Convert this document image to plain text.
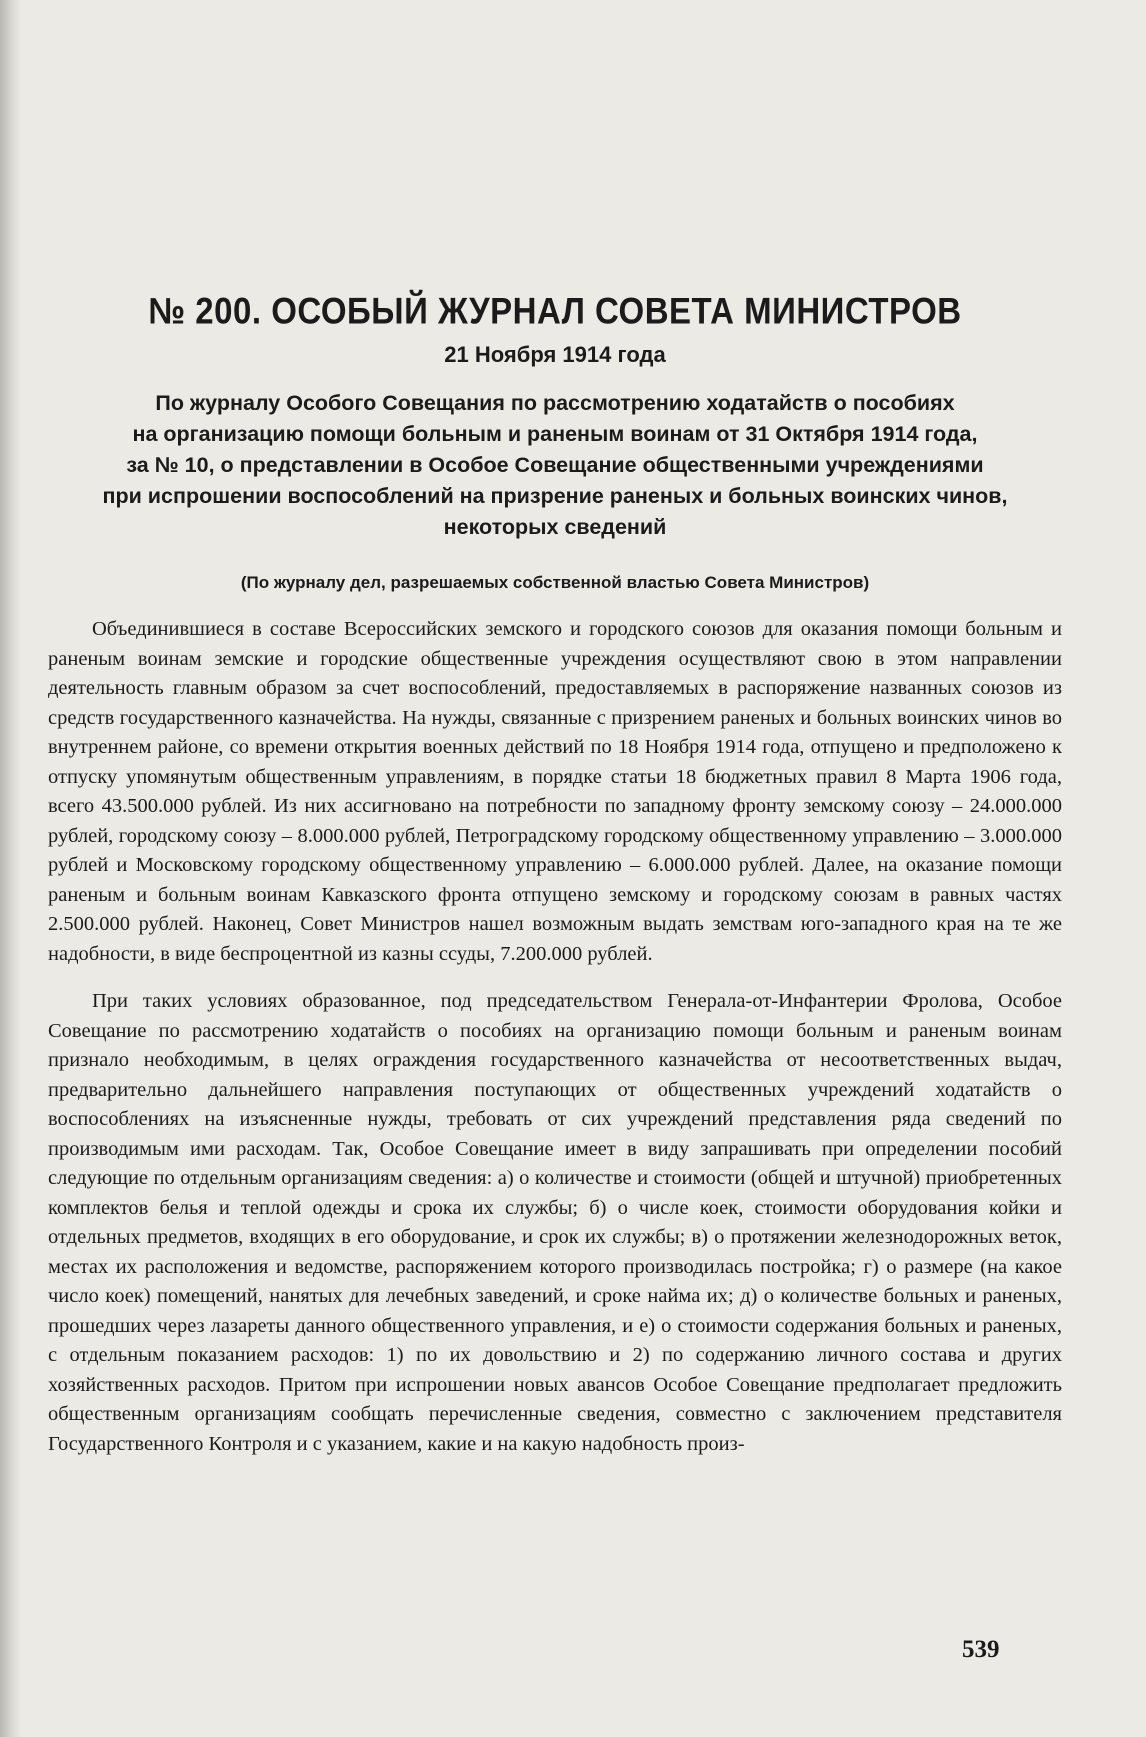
№ 200. ОСОБЫЙ ЖУРНАЛ СОВЕТА МИНИСТРОВ
21 Ноября 1914 года
По журналу Особого Совещания по рассмотрению ходатайств о пособиях
на организацию помощи больным и раненым воинам от 31 Октября 1914 года,
за № 10, о представлении в Особое Совещание общественными учреждениями
при испрошении воспособлений на призрение раненых и больных воинских чинов,
некоторых сведений
(По журналу дел, разрешаемых собственной властью Совета Министров)

Объединившиеся в составе Всероссийских земского и городского союзов для оказания помощи больным и раненым воинам земские и городские общественные учреждения осуществляют свою в этом направлении деятельность главным образом за счет воспособлений, предоставляемых в распоряжение названных союзов из средств государственного казначейства. На нужды, связанные с призрением раненых и больных воинских чинов во внутреннем районе, со времени открытия военных действий по 18 Ноября 1914 года, отпущено и предположено к отпуску упомянутым общественным управлениям, в порядке статьи 18 бюджетных правил 8 Марта 1906 года, всего 43.500.000 рублей. Из них ассигновано на потребности по западному фронту земскому союзу – 24.000.000 рублей, городскому союзу – 8.000.000 рублей, Петроградскому городскому общественному управлению – 3.000.000 рублей и Московскому городскому общественному управлению – 6.000.000 рублей. Далее, на оказание помощи раненым и больным воинам Кавказского фронта отпущено земскому и городскому союзам в равных частях 2.500.000 рублей. Наконец, Совет Министров нашел возможным выдать земствам юго-западного края на те же надобности, в виде беспроцентной из казны ссуды, 7.200.000 рублей.

При таких условиях образованное, под председательством Генерала-от-Инфантерии Фролова, Особое Совещание по рассмотрению ходатайств о пособиях на организацию помощи больным и раненым воинам признало необходимым, в целях ограждения государственного казначейства от несоответственных выдач, предварительно дальнейшего направления поступающих от общественных учреждений ходатайств о воспособлениях на изъясненные нужды, требовать от сих учреждений представления ряда сведений по производимым ими расходам. Так, Особое Совещание имеет в виду запрашивать при определении пособий следующие по отдельным организациям сведения: а) о количестве и стоимости (общей и штучной) приобретенных комплектов белья и теплой одежды и срока их службы; б) о числе коек, стоимости оборудования койки и отдельных предметов, входящих в его оборудование, и срок их службы; в) о протяжении железнодорожных веток, местах их расположения и ведомстве, распоряжением которого производилась постройка; г) о размере (на какое число коек) помещений, нанятых для лечебных заведений, и сроке найма их; д) о количестве больных и раненых, прошедших через лазареты данного общественного управления, и е) о стоимости содержания больных и раненых, с отдельным показанием расходов: 1) по их довольствию и 2) по содержанию личного состава и других хозяйственных расходов. Притом при испрошении новых авансов Особое Совещание предполагает предложить общественным организациям сообщать перечисленные сведения, совместно с заключением представителя Государственного Контроля и с указанием, какие и на какую надобность произ-

539
